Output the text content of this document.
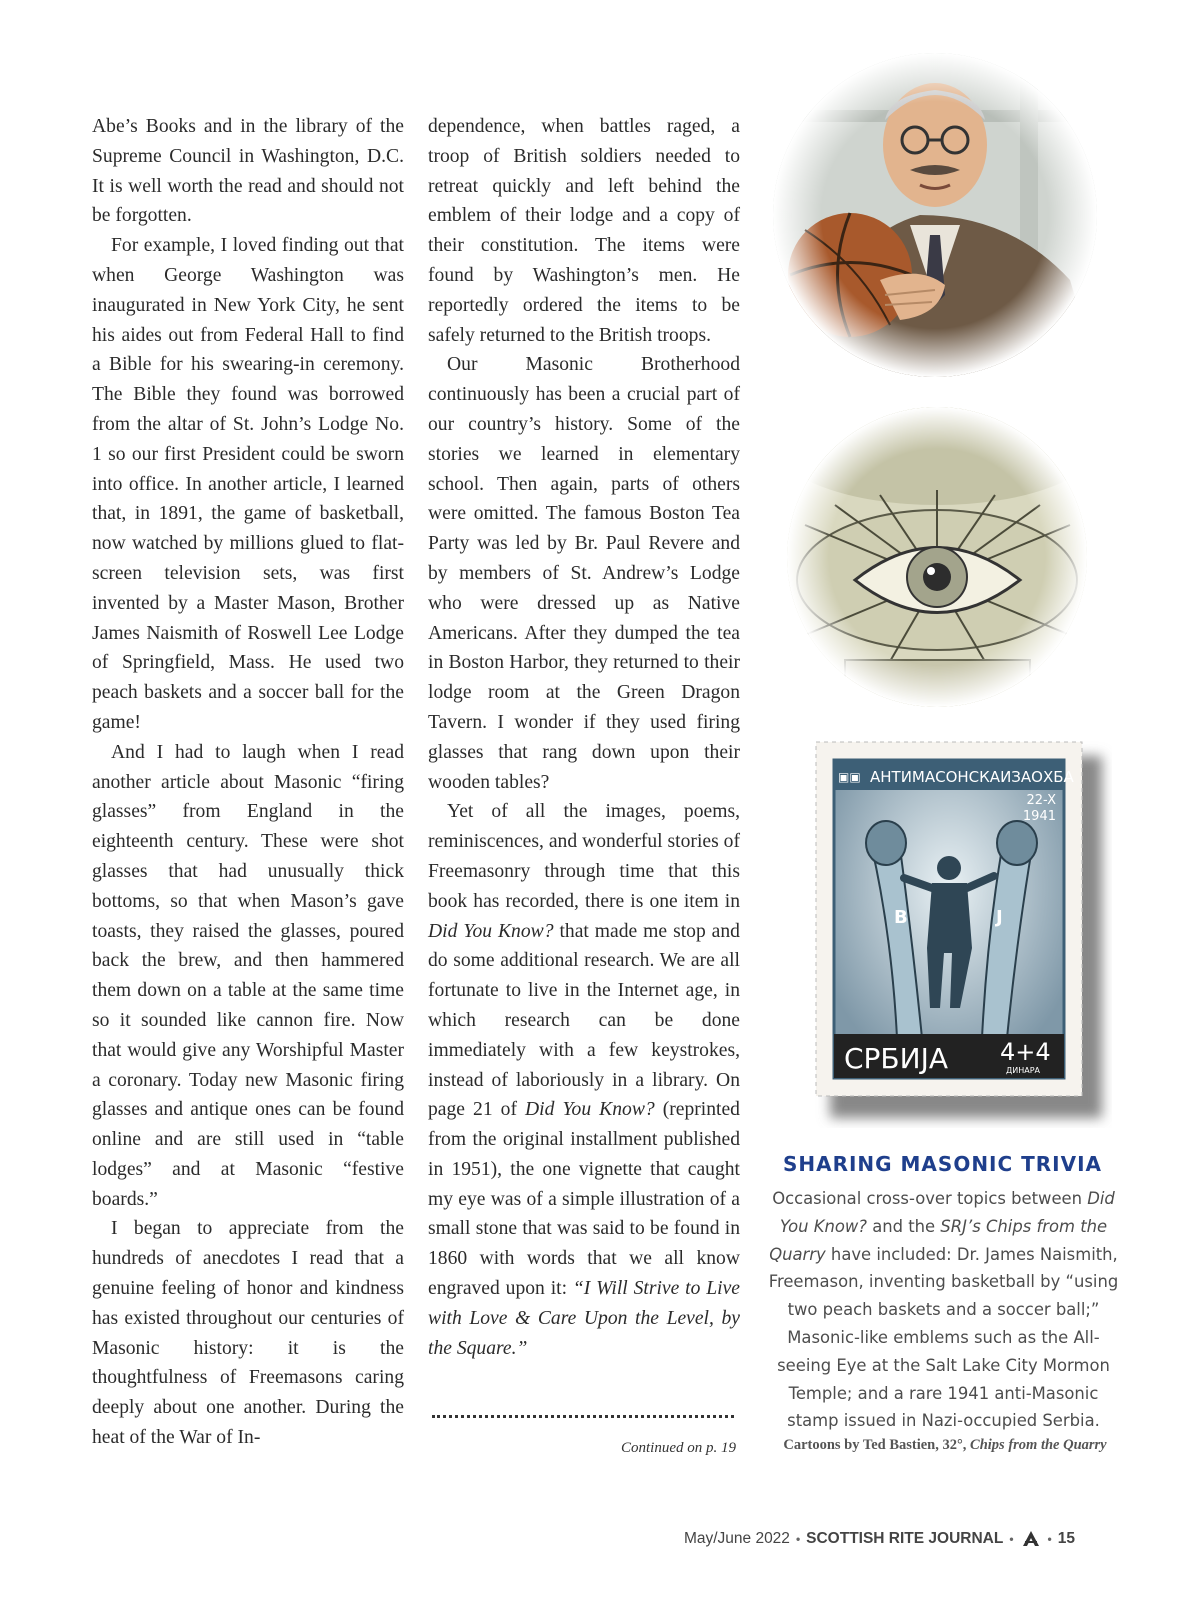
Abe’s Books and in the library of the Supreme Council in Washington, D.C. It is well worth the read and should not be forgotten.

For example, I loved finding out that when George Washington was inaugurated in New York City, he sent his aides out from Federal Hall to find a Bible for his swearing-in ceremony. The Bible they found was borrowed from the altar of St. John’s Lodge No. 1 so our first President could be sworn into office. In another article, I learned that, in 1891, the game of basketball, now watched by millions glued to flat-screen television sets, was first invented by a Master Mason, Brother James Naismith of Roswell Lee Lodge of Springfield, Mass. He used two peach baskets and a soccer ball for the game!

And I had to laugh when I read another article about Masonic “firing glasses” from England in the eighteenth century. These were shot glasses that had unusually thick bottoms, so that when Mason’s gave toasts, they raised the glasses, poured back the brew, and then hammered them down on a table at the same time so it sounded like cannon fire. Now that would give any Worshipful Master a coronary. Today new Masonic firing glasses and antique ones can be found online and are still used in “table lodges” and at Masonic “festive boards.”

I began to appreciate from the hundreds of anecdotes I read that a genuine feeling of honor and kindness has existed throughout our centuries of Masonic history: it is the thoughtfulness of Freemasons caring deeply about one another. During the heat of the War of In-

dependence, when battles raged, a troop of British soldiers needed to retreat quickly and left behind the emblem of their lodge and a copy of their constitution. The items were found by Washington’s men. He reportedly ordered the items to be safely returned to the British troops.

Our Masonic Brotherhood continuously has been a crucial part of our country’s history. Some of the stories we learned in elementary school. Then again, parts of others were omitted. The famous Boston Tea Party was led by Br. Paul Revere and by members of St. Andrew’s Lodge who were dressed up as Native Americans. After they dumped the tea in Boston Harbor, they returned to their lodge room at the Green Dragon Tavern. I wonder if they used firing glasses that rang down upon their wooden tables?

Yet of all the images, poems, reminiscences, and wonderful stories of Freemasonry through time that this book has recorded, there is one item in Did You Know? that made me stop and do some additional research. We are all fortunate to live in the Internet age, in which research can be done immediately with a few keystrokes, instead of laboriously in a library. On page 21 of Did You Know? (reprinted from the original installment published in 1951), the one vignette that caught my eye was of a simple illustration of a small stone that was said to be found in 1860 with words that we all know engraved upon it: “I Will Strive to Live with Love & Care Upon the Level, by the Square.”

Continued on p. 19
▣▣ АНТИМАСОНСКАИЗАОХБА
22-X
1941
B	J
СРБИЈА 4+4
ДИНАРА
SHARING MASONIC TRIVIA
Occasional cross-over topics between Did You Know? and the SRJ’s Chips from the Quarry have included: Dr. James Naismith, Freemason, inventing basketball by “using two peach baskets and a soccer ball;” Masonic-like emblems such as the All-seeing Eye at the Salt Lake City Mormon Temple; and a rare 1941 anti-Masonic stamp issued in Nazi-occupied Serbia.
Cartoons by Ted Bastien, 32°, Chips from the Quarry
May/June 2022 • SCOTTISH RITE JOURNAL •	• 15
